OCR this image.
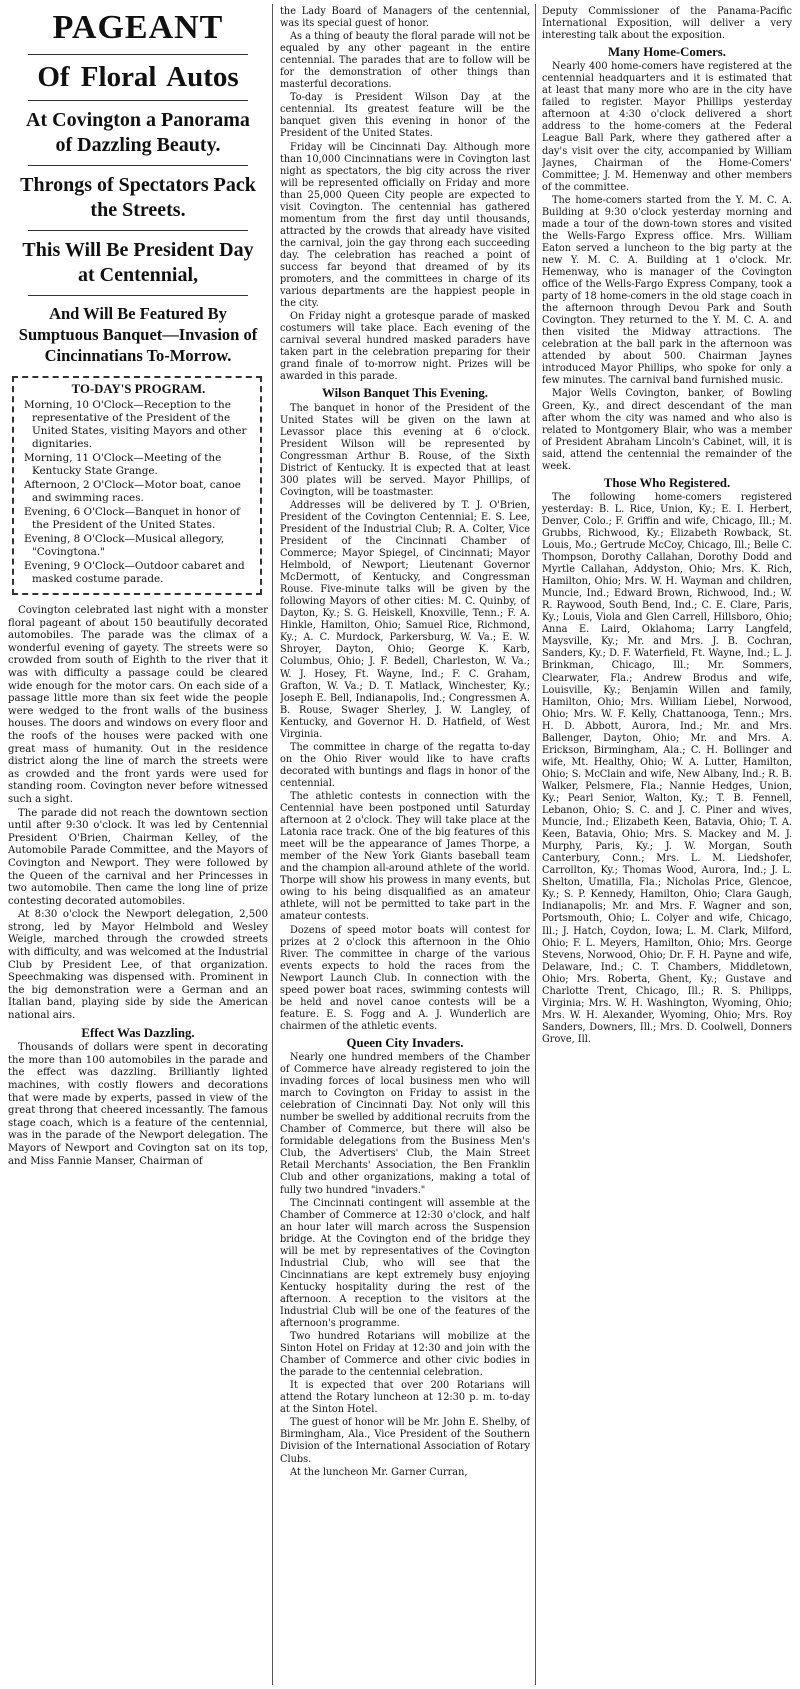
PAGEANT
Of Floral Autos
At Covington a Panorama of Dazzling Beauty.
Throngs of Spectators Pack the Streets.
This Will Be President Day at Centennial,
And Will Be Featured By Sumptuous Banquet—Invasion of Cincinnatians To-Morrow.
TO-DAY'S PROGRAM.

Morning, 10 O'Clock—Reception to the representative of the President of the United States, visiting Mayors and other dignitaries.

Morning, 11 O'Clock—Meeting of the Kentucky State Grange.

Afternoon, 2 O'Clock—Motor boat, canoe and swimming races.

Evening, 6 O'Clock—Banquet in honor of the President of the United States.

Evening, 8 O'Clock—Musical allegory, "Covingtona."

Evening, 9 O'Clock—Outdoor cabaret and masked costume parade.

Covington celebrated last night with a monster floral pageant of about 150 beautifully decorated automobiles. The parade was the climax of a wonderful evening of gayety. The streets were so crowded from south of Eighth to the river that it was with difficulty a passage could be cleared wide enough for the motor cars. On each side of a passage little more than six feet wide the people were wedged to the front walls of the business houses. The doors and windows on every floor and the roofs of the houses were packed with one great mass of humanity. Out in the residence district along the line of march the streets were as crowded and the front yards were used for standing room. Covington never before witnessed such a sight.

The parade did not reach the downtown section until after 9:30 o'clock. It was led by Centennial President O'Brien, Chairman Kelley, of the Automobile Parade Committee, and the Mayors of Covington and Newport. They were followed by the Queen of the carnival and her Princesses in two automobile. Then came the long line of prize contesting decorated automobiles.

At 8:30 o'clock the Newport delegation, 2,500 strong, led by Mayor Helmbold and Wesley Weigle, marched through the crowded streets with difficulty, and was welcomed at the Industrial Club by President Lee, of that organization. Speechmaking was dispensed with. Prominent in the big demonstration were a German and an Italian band, playing side by side the American national airs.

Effect Was Dazzling.

Thousands of dollars were spent in decorating the more than 100 automobiles in the parade and the effect was dazzling. Brilliantly lighted machines, with costly flowers and decorations that were made by experts, passed in view of the great throng that cheered incessantly. The famous stage coach, which is a feature of the centennial, was in the parade of the Newport delegation. The Mayors of Newport and Covington sat on its top, and Miss Fannie Manser, Chairman of

the Lady Board of Managers of the centennial, was its special guest of honor.

As a thing of beauty the floral parade will not be equaled by any other pageant in the entire centennial. The parades that are to follow will be for the demonstration of other things than masterful decorations.

To-day is President Wilson Day at the centennial. Its greatest feature will be the banquet given this evening in honor of the President of the United States.

Friday will be Cincinnati Day. Although more than 10,000 Cincinnatians were in Covington last night as spectators, the big city across the river will be represented officially on Friday and more than 25,000 Queen City people are expected to visit Covington. The centennial has gathered momentum from the first day until thousands, attracted by the crowds that already have visited the carnival, join the gay throng each succeeding day. The celebration has reached a point of success far beyond that dreamed of by its promoters, and the committees in charge of its various departments are the happiest people in the city.

On Friday night a grotesque parade of masked costumers will take place. Each evening of the carnival several hundred masked paraders have taken part in the celebration preparing for their grand finale of to-morrow night. Prizes will be awarded in this parade.

Wilson Banquet This Evening.

The banquet in honor of the President of the United States will be given on the lawn at Levassor place this evening at 6 o'clock. President Wilson will be represented by Congressman Arthur B. Rouse, of the Sixth District of Kentucky. It is expected that at least 300 plates will be served. Mayor Phillips, of Covington, will be toastmaster.

Addresses will be delivered by T. J. O'Brien, President of the Covington Centennial; E. S. Lee, President of the Industrial Club; R. A. Colter, Vice President of the Cincinnati Chamber of Commerce; Mayor Spiegel, of Cincinnati; Mayor Helmbold, of Newport; Lieutenant Governor McDermott, of Kentucky, and Congressman Rouse. Five-minute talks will be given by the following Mayors of other cities: M. C. Quinby, of Dayton, Ky.; S. G. Heiskell, Knoxville, Tenn.; F. A. Hinkle, Hamilton, Ohio; Samuel Rice, Richmond, Ky.; A. C. Murdock, Parkersburg, W. Va.; E. W. Shroyer, Dayton, Ohio; George K. Karb, Columbus, Ohio; J. F. Bedell, Charleston, W. Va.; W. J. Hosey, Ft. Wayne, Ind.; F. C. Graham, Grafton, W. Va.; D. T. Matlack, Winchester, Ky.; Joseph E. Bell, Indianapolis, Ind.; Congressmen A. B. Rouse, Swager Sherley, J. W. Langley, of Kentucky, and Governor H. D. Hatfield, of West Virginia.

The committee in charge of the regatta to-day on the Ohio River would like to have crafts decorated with buntings and flags in honor of the centennial.

The athletic contests in connection with the Centennial have been postponed until Saturday afternoon at 2 o'clock. They will take place at the Latonia race track. One of the big features of this meet will be the appearance of James Thorpe, a member of the New York Giants baseball team and the champion all-around athlete of the world. Thorpe will show his prowess in many events, but owing to his being disqualified as an amateur athlete, will not be permitted to take part in the amateur contests.

Dozens of speed motor boats will contest for prizes at 2 o'clock this afternoon in the Ohio River. The committee in charge of the various events expects to hold the races from the Newport Launch Club. In connection with the speed power boat races, swimming contests will be held and novel canoe contests will be a feature. E. S. Fogg and A. J. Wunderlich are chairmen of the athletic events.

Queen City Invaders.

Nearly one hundred members of the Chamber of Commerce have already registered to join the invading forces of local business men who will march to Covington on Friday to assist in the celebration of Cincinnati Day. Not only will this number be swelled by additional recruits from the Chamber of Commerce, but there will also be formidable delegations from the Business Men's Club, the Advertisers' Club, the Main Street Retail Merchants' Association, the Ben Franklin Club and other organizations, making a total of fully two hundred "invaders."

The Cincinnati contingent will assemble at the Chamber of Commerce at 12:30 o'clock, and half an hour later will march across the Suspension bridge. At the Covington end of the bridge they will be met by representatives of the Covington Industrial Club, who will see that the Cincinnatians are kept extremely busy enjoying Kentucky hospitality during the rest of the afternoon. A reception to the visitors at the Industrial Club will be one of the features of the afternoon's programme.

Two hundred Rotarians will mobilize at the Sinton Hotel on Friday at 12:30 and join with the Chamber of Commerce and other civic bodies in the parade to the centennial celebration.

It is expected that over 200 Rotarians will attend the Rotary luncheon at 12:30 p. m. to-day at the Sinton Hotel.

The guest of honor will be Mr. John E. Shelby, of Birmingham, Ala., Vice President of the Southern Division of the International Association of Rotary Clubs.

At the luncheon Mr. Garner Curran,

Deputy Commissioner of the Panama-Pacific International Exposition, will deliver a very interesting talk about the exposition.

Many Home-Comers.

Nearly 400 home-comers have registered at the centennial headquarters and it is estimated that at least that many more who are in the city have failed to register. Mayor Phillips yesterday afternoon at 4:30 o'clock delivered a short address to the home-comers at the Federal League Ball Park, where they gathered after a day's visit over the city, accompanied by William Jaynes, Chairman of the Home-Comers' Committee; J. M. Hemenway and other members of the committee.

The home-comers started from the Y. M. C. A. Building at 9:30 o'clock yesterday morning and made a tour of the down-town stores and visited the Wells-Fargo Express office. Mrs. William Eaton served a luncheon to the big party at the new Y. M. C. A. Building at 1 o'clock. Mr. Hemenway, who is manager of the Covington office of the Wells-Fargo Express Company, took a party of 18 home-comers in the old stage coach in the afternoon through Devou Park and South Covington. They returned to the Y. M. C. A. and then visited the Midway attractions. The celebration at the ball park in the afternoon was attended by about 500. Chairman Jaynes introduced Mayor Phillips, who spoke for only a few minutes. The carnival band furnished music.

Major Wells Covington, banker, of Bowling Green, Ky., and direct descendant of the man after whom the city was named and who also is related to Montgomery Blair, who was a member of President Abraham Lincoln's Cabinet, will, it is said, attend the centennial the remainder of the week.

Those Who Registered.

The following home-comers registered yesterday: B. L. Rice, Union, Ky.; E. I. Herbert, Denver, Colo.; F. Griffin and wife, Chicago, Ill.; M. Grubbs, Richwood, Ky.; Elizabeth Rowback, St. Louis, Mo.; Gertrude McCoy, Chicago, Ill.; Belle C. Thompson, Dorothy Callahan, Dorothy Dodd and Myrtle Callahan, Addyston, Ohio; Mrs. K. Rich, Hamilton, Ohio; Mrs. W. H. Wayman and children, Muncie, Ind.; Edward Brown, Richwood, Ind.; W. R. Raywood, South Bend, Ind.; C. E. Clare, Paris, Ky.; Louis, Viola and Glen Carrell, Hillsboro, Ohio; Anna E. Laird, Oklahoma; Larry Langfeld, Maysville, Ky.; Mr. and Mrs. J. B. Cochran, Sanders, Ky.; D. F. Waterfield, Ft. Wayne, Ind.; L. J. Brinkman, Chicago, Ill.; Mr. Sommers, Clearwater, Fla.; Andrew Brodus and wife, Louisville, Ky.; Benjamin Willen and family, Hamilton, Ohio; Mrs. William Liebel, Norwood, Ohio; Mrs. W. F. Kelly, Chattanooga, Tenn.; Mrs. H. D. Abbott, Aurora, Ind.; Mr. and Mrs. Ballenger, Dayton, Ohio; Mr. and Mrs. A. Erickson, Birmingham, Ala.; C. H. Bollinger and wife, Mt. Healthy, Ohio; W. A. Lutter, Hamilton, Ohio; S. McClain and wife, New Albany, Ind.; R. B. Walker, Pelsmere, Fla.; Nannie Hedges, Union, Ky.; Pearl Senior, Walton, Ky.; T. B. Fennell, Lebanon, Ohio; S. C. and J. C. Piner and wives, Muncie, Ind.; Elizabeth Keen, Batavia, Ohio; T. A. Keen, Batavia, Ohio; Mrs. S. Mackey and M. J. Murphy, Paris, Ky.; J. W. Morgan, South Canterbury, Conn.; Mrs. L. M. Liedshofer, Carrollton, Ky.; Thomas Wood, Aurora, Ind.; J. L. Shelton, Umatilla, Fla.; Nicholas Price, Glencoe, Ky.; S. P. Kennedy, Hamilton, Ohio; Clara Gaugh, Indianapolis; Mr. and Mrs. F. Wagner and son, Portsmouth, Ohio; L. Colyer and wife, Chicago, Ill.; J. Hatch, Coydon, Iowa; L. M. Clark, Milford, Ohio; F. L. Meyers, Hamilton, Ohio; Mrs. George Stevens, Norwood, Ohio; Dr. F. H. Payne and wife, Delaware, Ind.; C. T. Chambers, Middletown, Ohio; Mrs. Roberta, Ghent, Ky.; Gustave and Charlotte Trent, Chicago, Ill.; R. S. Philipps, Virginia; Mrs. W. H. Washington, Wyoming, Ohio; Mrs. W. H. Alexander, Wyoming, Ohio; Mrs. Roy Sanders, Downers, Ill.; Mrs. D. Coolwell, Donners Grove, Ill.
